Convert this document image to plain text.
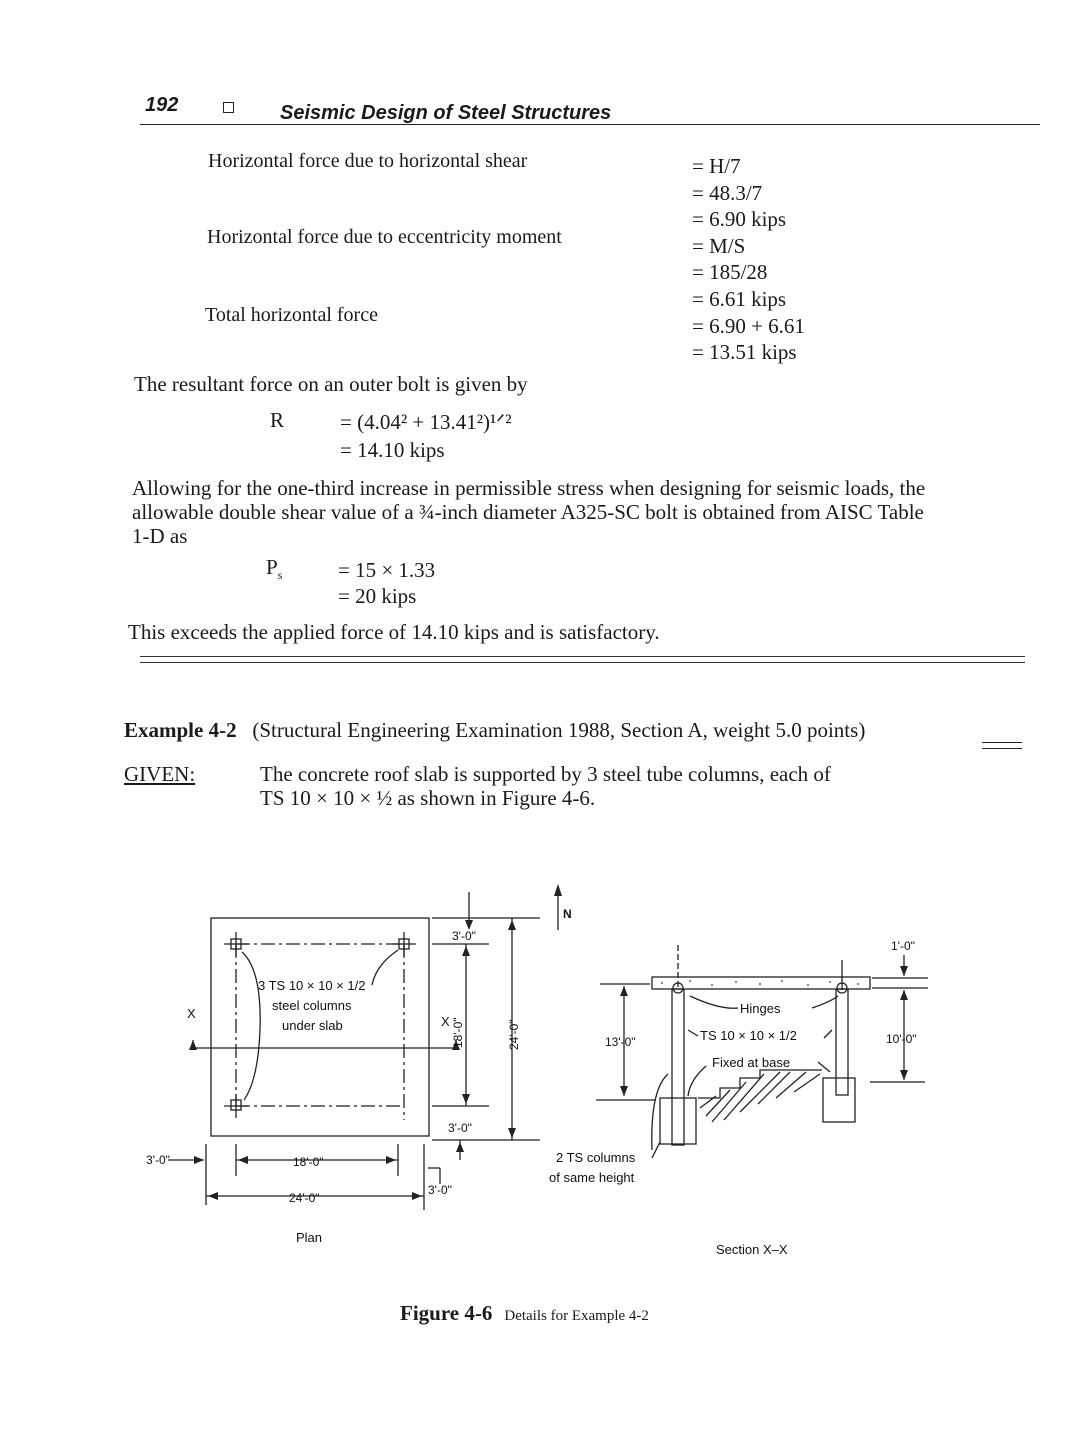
192	Seismic Design of Steel Structures
Horizontal force due to horizontal shear	= H/7
= 48.3/7
= 6.90 kips
Horizontal force due to eccentricity moment	= M/S
= 185/28
= 6.61 kips
Total horizontal force	= 6.90 + 6.61
= 13.51 kips
The resultant force on an outer bolt is given by
R	= (4.04² + 13.41²)¹ᐟ²
= 14.10 kips
Allowing for the one-third increase in permissible stress when designing for seismic loads, the
allowable double shear value of a ¾-inch diameter A325-SC bolt is obtained from AISC Table
1-D as
$P_s$	= 15 × 1.33
= 20 kips
This exceeds the applied force of 14.10 kips and is satisfactory.
Example 4-2 (Structural Engineering Examination 1988, Section A, weight 5.0 points)
GIVEN:	The concrete roof slab is supported by 3 steel tube columns, each of
TS 10 × 10 × ½ as shown in Figure 4-6.
3 TS 10 × 10 × 1/2
steel columns
under slab
3'-0"
3'-0"
3'-0"
18'-0"	24'-0"
18'-0"
24'-0"
3'-0"
X
X
N
Plan
1'-0"
13'-0"	10'-0"
Hinges
TS 10 × 10 × 1/2
Fixed at base
2 TS columns
of same height
Section X–X
Figure 4-6 Details for Example 4-2
